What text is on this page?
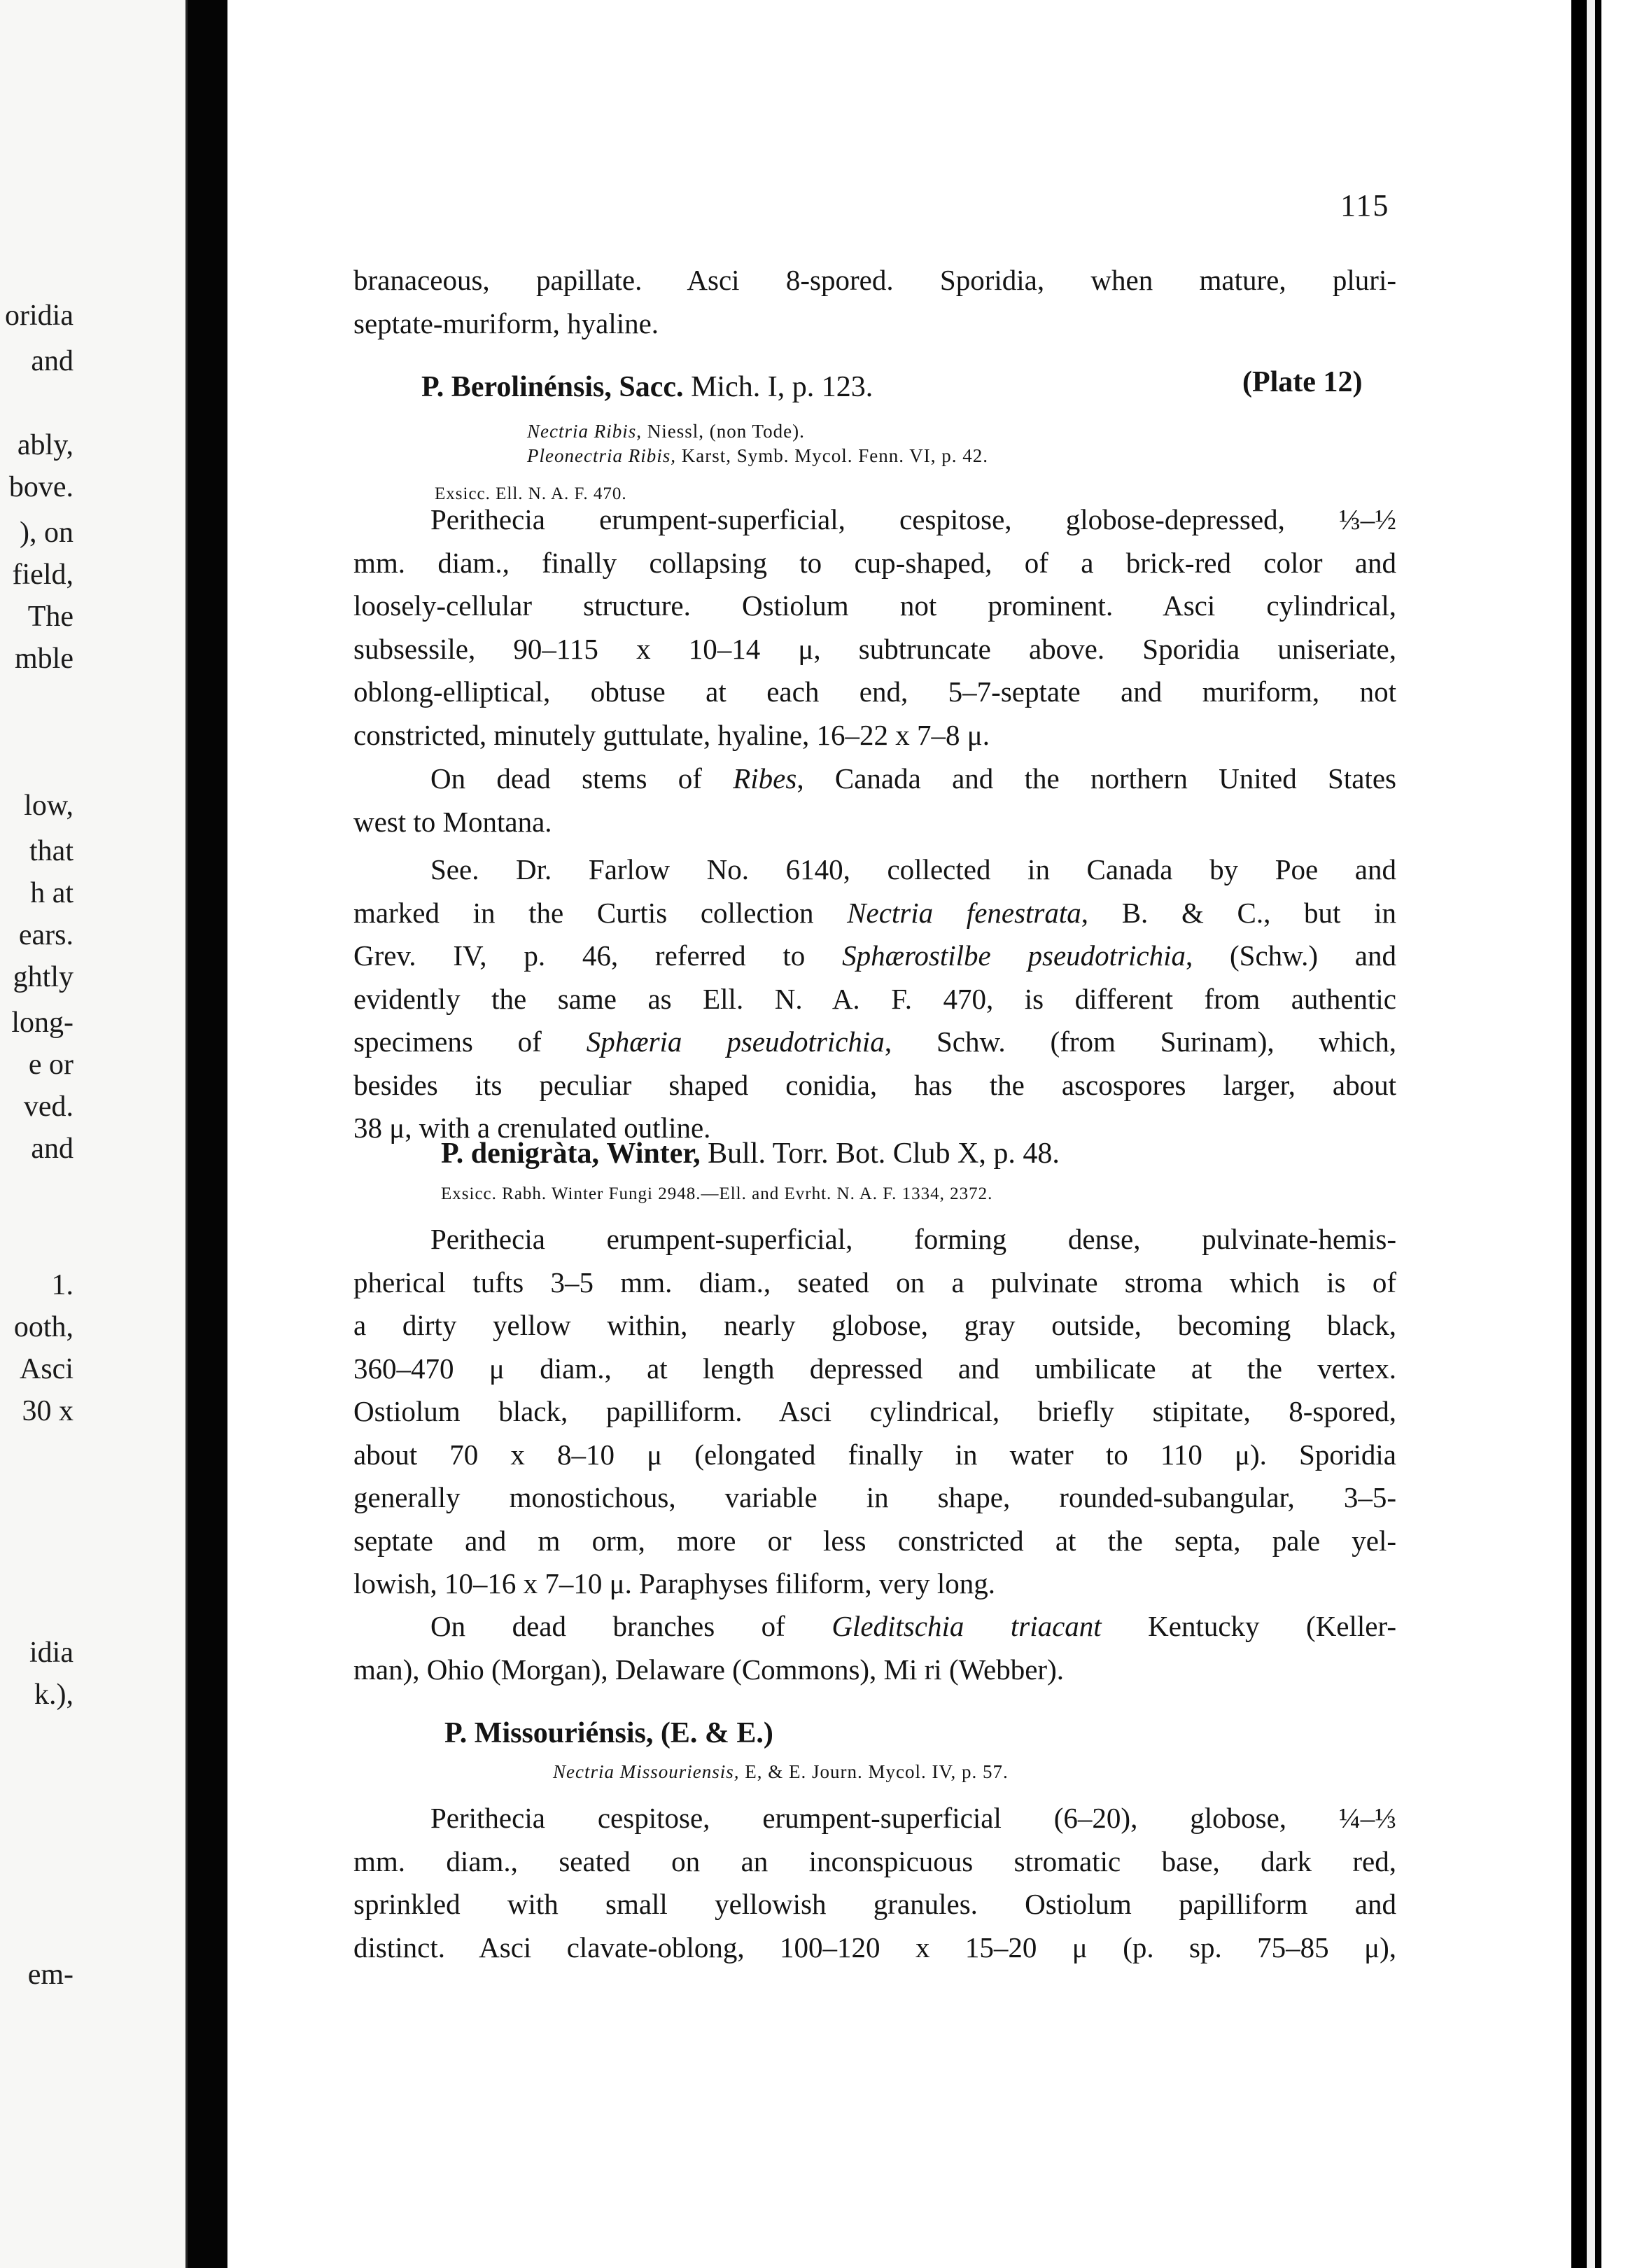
oridia
and
ably,
bove.
), on
field,
The
mble
low,
that
h at
ears.
ghtly
long-
e or
ved.
and
1.
ooth,
Asci
30 x
idia
k.),
em-
115
branaceous, papillate. Asci 8-spored. Sporidia, when mature, pluri-
septate-muriform, hyaline.
P. Berolinénsis, Sacc. Mich. I, p. 123.	(Plate 12)
Nectria Ribis, Niessl, (non Tode).
Pleonectria Ribis, Karst, Symb. Mycol. Fenn. VI, p. 42.
Exsicc. Ell. N. A. F. 470.
Perithecia erumpent-superficial, cespitose, globose-depressed, ⅓–½
mm. diam., finally collapsing to cup-shaped, of a brick-red color and
loosely-cellular structure. Ostiolum not prominent. Asci cylindrical,
subsessile, 90–115 x 10–14 μ, subtruncate above. Sporidia uniseriate,
oblong-elliptical, obtuse at each end, 5–7-septate and muriform, not
constricted, minutely guttulate, hyaline, 16–22 x 7–8 μ.
On dead stems of Ribes, Canada and the northern United States
west to Montana.
See. Dr. Farlow No. 6140, collected in Canada by Poe and
marked in the Curtis collection Nectria fenestrata, B. & C., but in
Grev. IV, p. 46, referred to Sphærostilbe pseudotrichia, (Schw.) and
evidently the same as Ell. N. A. F. 470, is different from authentic
specimens of Sphæria pseudotrichia, Schw. (from Surinam), which,
besides its peculiar shaped conidia, has the ascospores larger, about
38 μ, with a crenulated outline.
P. denigràta, Winter, Bull. Torr. Bot. Club X, p. 48.
Exsicc. Rabh. Winter Fungi 2948.—Ell. and Evrht. N. A. F. 1334, 2372.
Perithecia erumpent-superficial, forming dense, pulvinate-hemis-
pherical tufts 3–5 mm. diam., seated on a pulvinate stroma which is of
a dirty yellow within, nearly globose, gray outside, becoming black,
360–470 μ diam., at length depressed and umbilicate at the vertex.
Ostiolum black, papilliform. Asci cylindrical, briefly stipitate, 8-spored,
about 70 x 8–10 μ (elongated finally in water to 110 μ). Sporidia
generally monostichous, variable in shape, rounded-subangular, 3–5-
septate and m orm, more or less constricted at the septa, pale yel-
lowish, 10–16 x 7–10 μ. Paraphyses filiform, very long.
On dead branches of Gleditschia triacant Kentucky (Keller-
man), Ohio (Morgan), Delaware (Commons), Mi ri (Webber).
P. Missouriénsis, (E. & E.)
Nectria Missouriensis, E, & E. Journ. Mycol. IV, p. 57.
Perithecia cespitose, erumpent-superficial (6–20), globose, ¼–⅓
mm. diam., seated on an inconspicuous stromatic base, dark red,
sprinkled with small yellowish granules. Ostiolum papilliform and
distinct. Asci clavate-oblong, 100–120 x 15–20 μ (p. sp. 75–85 μ),
